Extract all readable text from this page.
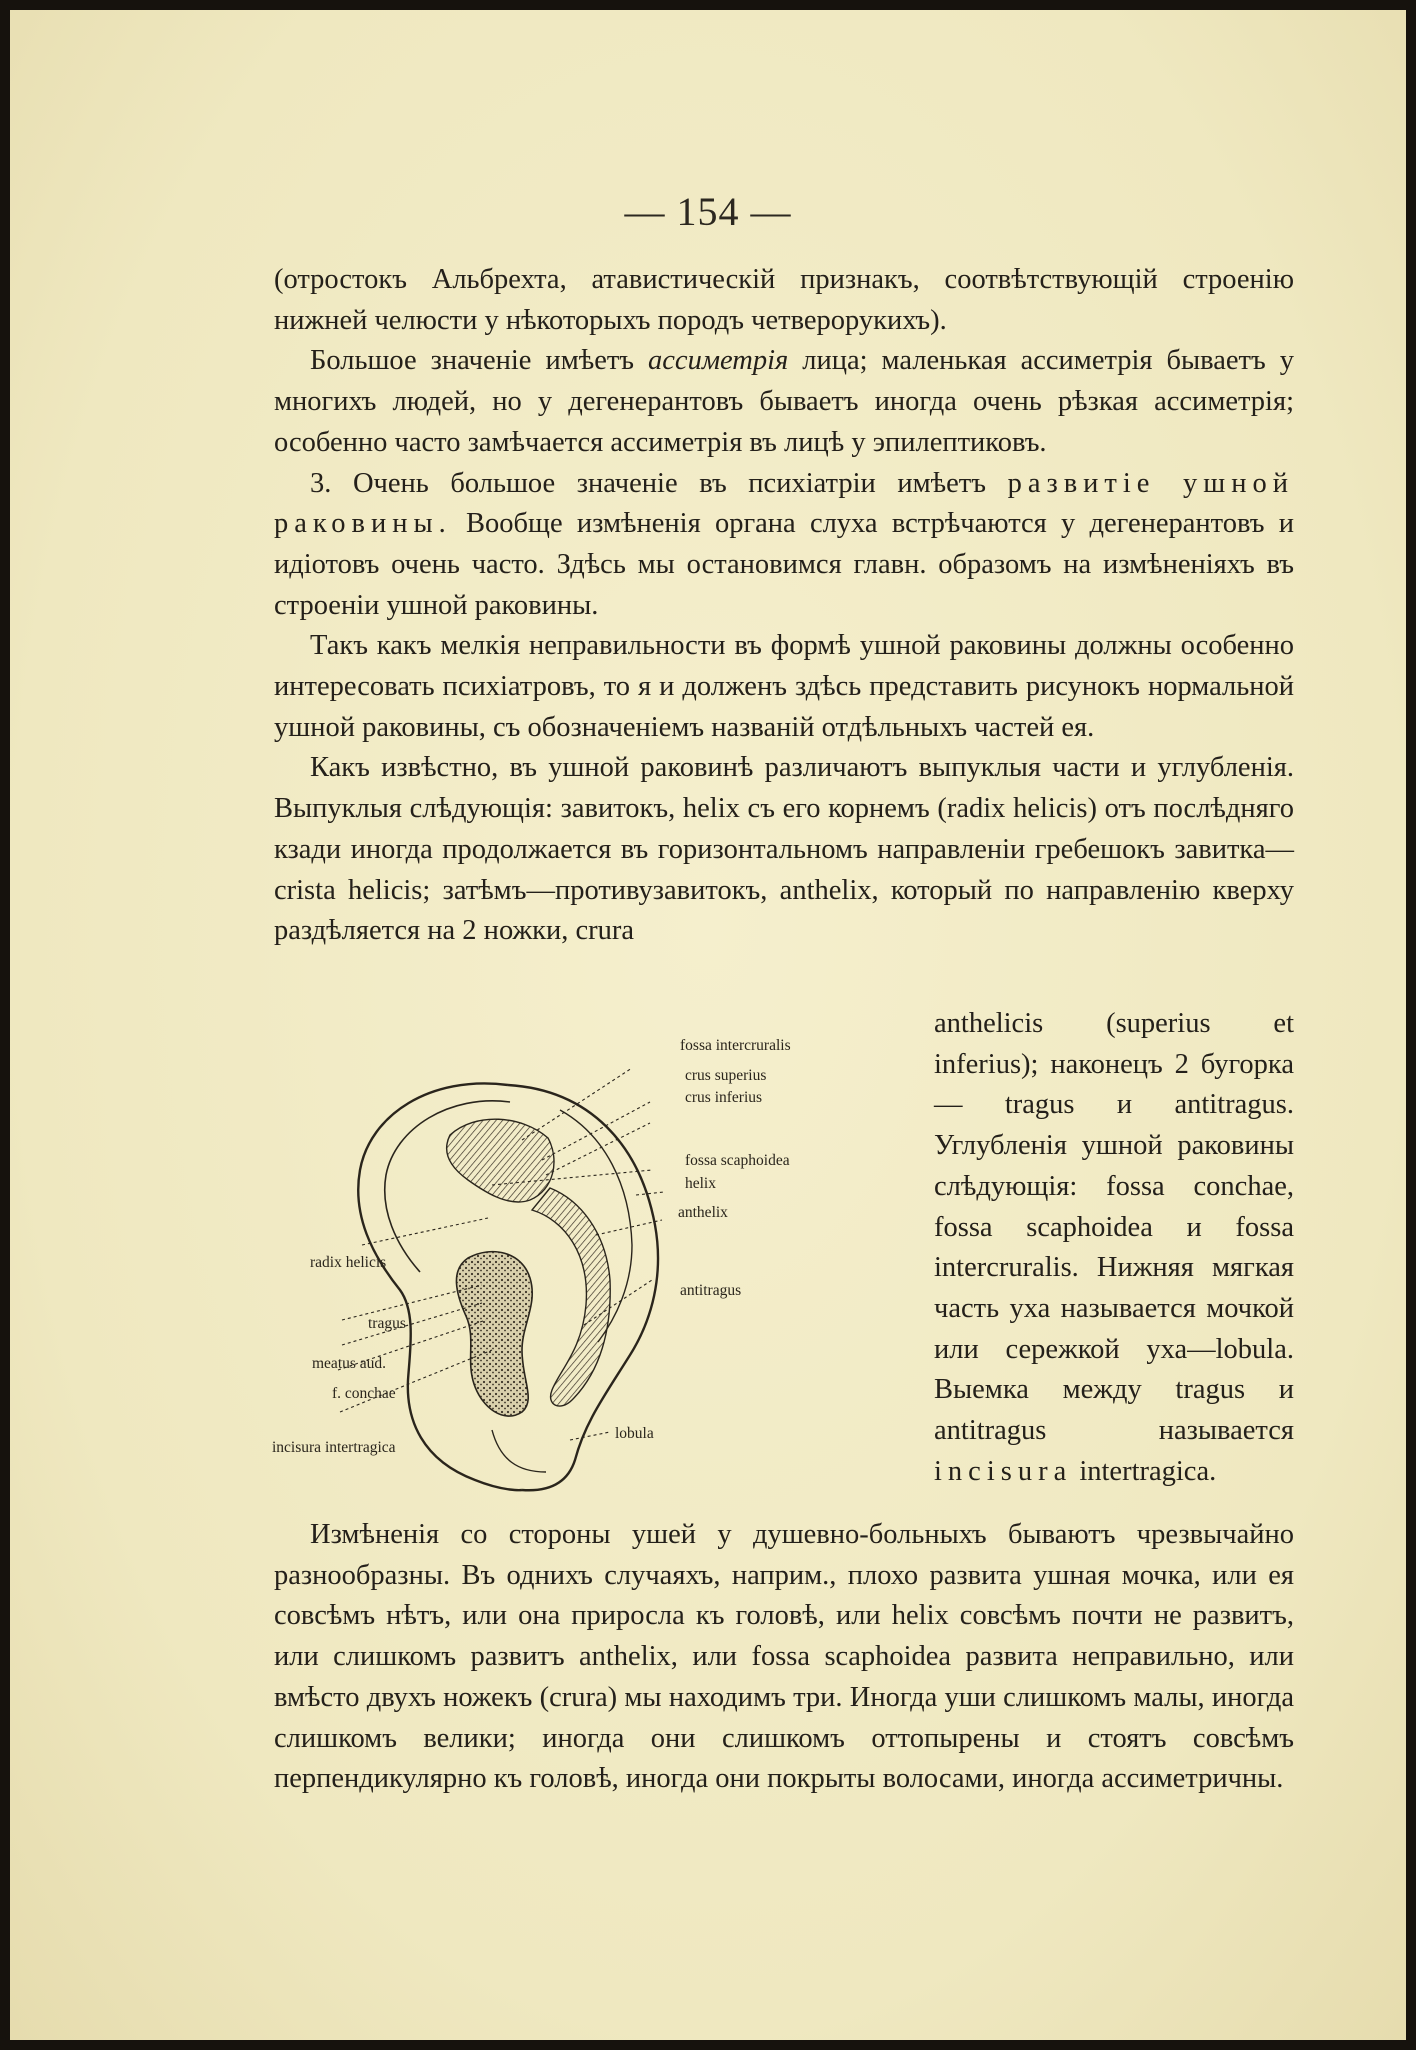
— 154 —

(отростокъ Альбрехта, атавистическій признакъ, соотвѣтствующій строенію нижней челюсти у нѣкоторыхъ породъ четверорукихъ).

Большое значеніе имѣетъ ассиметрія лица; маленькая ассиметрія бываетъ у многихъ людей, но у дегенерантовъ бываетъ иногда очень рѣзкая ассиметрія; особенно часто замѣчается ассиметрія въ лицѣ у эпилептиковъ.

3. Очень большое значеніе въ психіатріи имѣетъ развитіе ушной раковины. Вообще измѣненія органа слуха встрѣчаются у дегенерантовъ и идіотовъ очень часто. Здѣсь мы остановимся главн. образомъ на измѣненіяхъ въ строеніи ушной раковины.

Такъ какъ мелкія неправильности въ формѣ ушной раковины должны особенно интересовать психіатровъ, то я и долженъ здѣсь представить рисунокъ нормальной ушной раковины, съ обозначеніемъ названій отдѣльныхъ частей ея.

Какъ извѣстно, въ ушной раковинѣ различаютъ выпуклыя части и углубленія. Выпуклыя слѣдующія: завитокъ, helix съ его корнемъ (radix helicis) отъ послѣдняго кзади иногда продолжается въ горизонтальномъ направленіи гребешокъ завитка—crista helicis; затѣмъ—противузавитокъ, anthelix, который по направленію кверху раздѣляется на 2 ножки, crura

fossa intercruralis
crus superius
crus inferius
fossa scaphoidea
helix
anthelix
radix helicis
antitragus
tragus
meatus aud.
f. conchae
lobula
incisura intertragica

anthelicis (superius et inferius); наконецъ 2 бугорка — tragus и antitragus. Углубленія ушной раковины слѣдующія: fossa conchae, fossa scaphoidea и fossa intercruralis. Нижняя мягкая часть уха называется мочкой или сережкой уха—lobula. Выемка между tragus и antitragus называется incisura intertragica.

Измѣненія со стороны ушей у душевно-больныхъ бываютъ чрезвычайно разнообразны. Въ однихъ случаяхъ, наприм., плохо развита ушная мочка, или ея совсѣмъ нѣтъ, или она приросла къ головѣ, или helix совсѣмъ почти не развитъ, или слишкомъ развитъ anthelix, или fossa scaphoidea развита неправильно, или вмѣсто двухъ ножекъ (crura) мы находимъ три. Иногда уши слишкомъ малы, иногда слишкомъ велики; иногда они слишкомъ оттопырены и стоятъ совсѣмъ перпендикулярно къ головѣ, иногда они покрыты волосами, иногда ассиметричны.
